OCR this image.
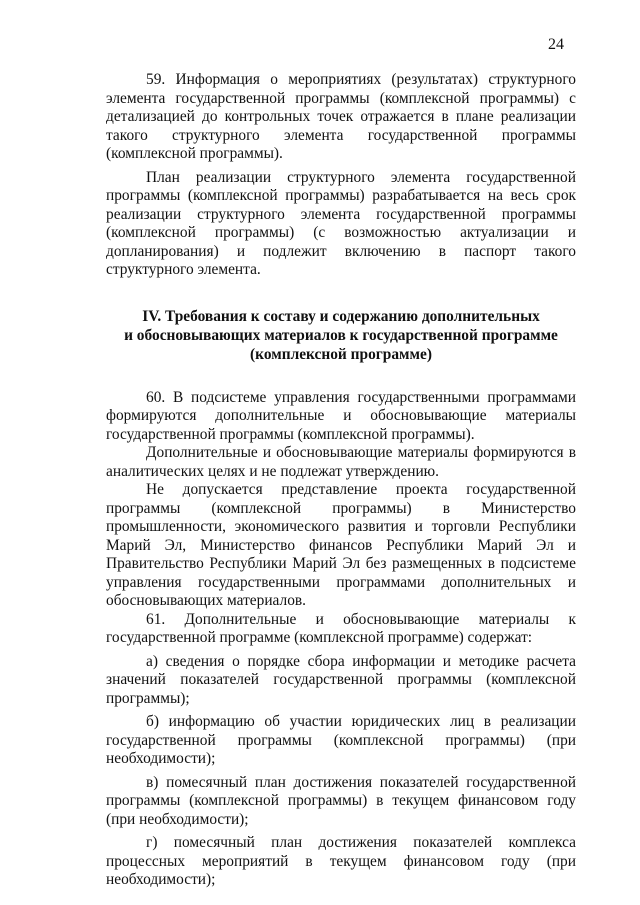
24

59. Информация о мероприятиях (результатах) структурного элемента государственной программы (комплексной программы) с детализацией до контрольных точек отражается в плане реализации такого структурного элемента государственной программы (комплексной программы).

План реализации структурного элемента государственной программы (комплексной программы) разрабатывается на весь срок реализации структурного элемента государственной программы (комплексной программы) (с возможностью актуализации и допланирования) и подлежит включению в паспорт такого структурного элемента.

IV. Требования к составу и содержанию дополнительных
и обосновывающих материалов к государственной программе
(комплексной программе)

60. В подсистеме управления государственными программами формируются дополнительные и обосновывающие материалы государственной программы (комплексной программы).

Дополнительные и обосновывающие материалы формируются в аналитических целях и не подлежат утверждению.

Не допускается представление проекта государственной программы (комплексной программы) в Министерство промышленности, экономического развития и торговли Республики Марий Эл, Министерство финансов Республики Марий Эл и Правительство Республики Марий Эл без размещенных в подсистеме управления государственными программами дополнительных и обосновывающих материалов.

61. Дополнительные и обосновывающие материалы к государственной программе (комплексной программе) содержат:

а) сведения о порядке сбора информации и методике расчета значений показателей государственной программы (комплексной программы);

б) информацию об участии юридических лиц в реализации государственной программы (комплексной программы) (при необходимости);

в) помесячный план достижения показателей государственной программы (комплексной программы) в текущем финансовом году (при необходимости);

г) помесячный план достижения показателей комплекса процессных мероприятий в текущем финансовом году (при необходимости);
